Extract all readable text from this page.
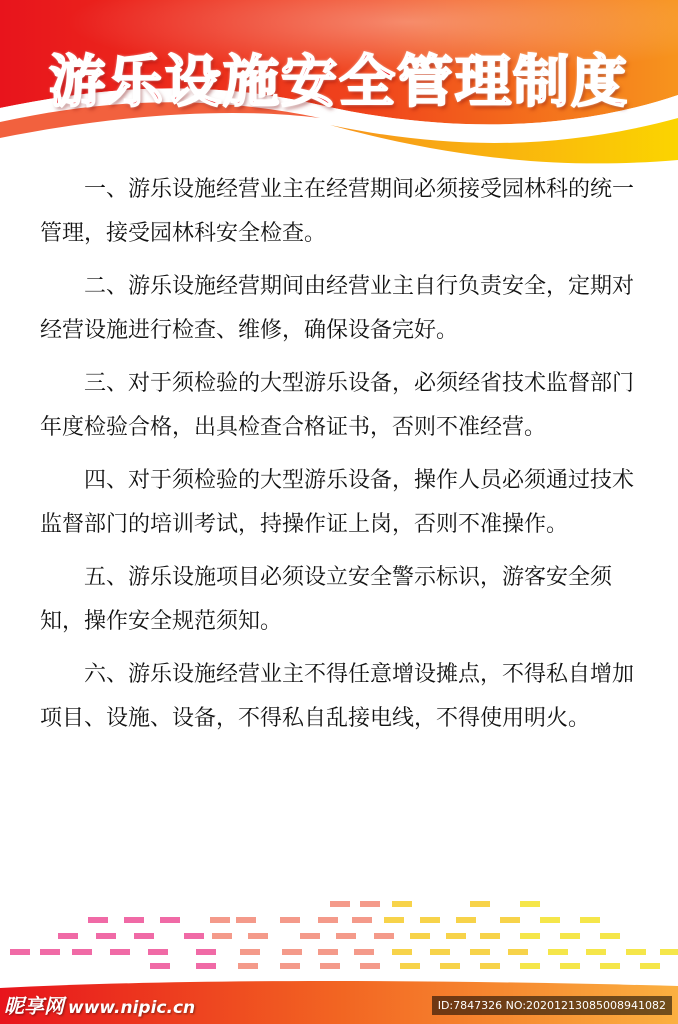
游乐设施安全管理制度

一、游乐设施经营业主在经营期间必须接受园林科的统一管理，接受园林科安全检查。

二、游乐设施经营期间由经营业主自行负责安全，定期对经营设施进行检查、维修，确保设备完好。

三、对于须检验的大型游乐设备，必须经省技术监督部门年度检验合格，出具检查合格证书，否则不准经营。

四、对于须检验的大型游乐设备，操作人员必须通过技术监督部门的培训考试，持操作证上岗，否则不准操作。

五、游乐设施项目必须设立安全警示标识，游客安全须知，操作安全规范须知。

六、游乐设施经营业主不得任意增设摊点，不得私自增加项目、设施、设备，不得私自乱接电线，不得使用明火。

昵享网 www.nipic.cn	ID:7847326 NO:20201213085008941082
